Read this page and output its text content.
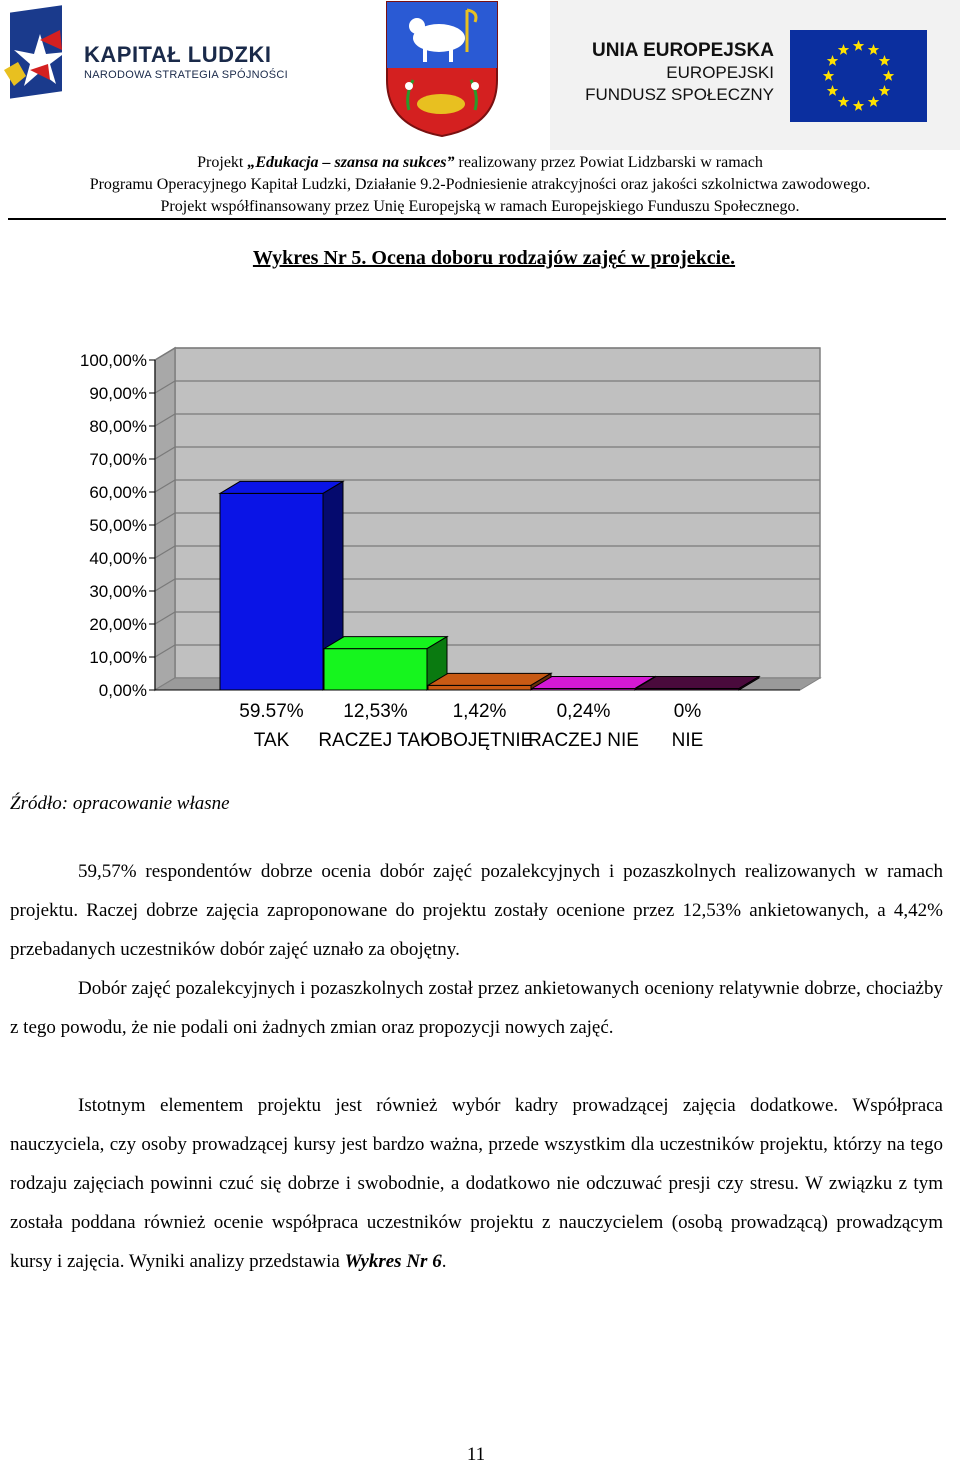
KAPITAŁ LUDZKI
NARODOWA STRATEGIA SPÓJNOŚCI
UNIA EUROPEJSKA
EUROPEJSKI
FUNDUSZ SPOŁECZNY
Projekt „Edukacja – szansa na sukces” realizowany przez Powiat Lidzbarski w ramach
Programu Operacyjnego Kapitał Ludzki, Działanie 9.2-Podniesienie atrakcyjności oraz jakości szkolnictwa zawodowego.
Projekt współfinansowany przez Unię Europejską w ramach Europejskiego Funduszu Społecznego.
Wykres Nr 5. Ocena doboru rodzajów zajęć w projekcie.
0,00%
10,00%
20,00%
30,00%
40,00%
50,00%
60,00%
70,00%
80,00%
90,00%
100,00%
59.57%
TAK
12,53%
RACZEJ TAK
1,42%
OBOJĘTNIE
0,24%
RACZEJ NIE
0%
NIE
Źródło: opracowanie własne

59,57% respondentów dobrze ocenia dobór zajęć pozalekcyjnych i pozaszkolnych realizowanych w ramach projektu. Raczej dobrze zajęcia zaproponowane do projektu zostały ocenione przez 12,53% ankietowanych, a 4,42% przebadanych uczestników dobór zajęć uznało za obojętny.

Dobór zajęć pozalekcyjnych i pozaszkolnych został przez ankietowanych oceniony relatywnie dobrze, chociażby z tego powodu, że nie podali oni żadnych zmian oraz propozycji nowych zajęć.

Istotnym elementem projektu jest również wybór kadry prowadzącej zajęcia dodatkowe. Współpraca nauczyciela, czy osoby prowadzącej kursy jest bardzo ważna, przede wszystkim dla uczestników projektu, którzy na tego rodzaju zajęciach powinni czuć się dobrze i swobodnie, a dodatkowo nie odczuwać presji czy stresu. W związku z tym została poddana również ocenie współpraca uczestników projektu z nauczycielem (osobą prowadzącą) prowadzącym kursy i zajęcia. Wyniki analizy przedstawia Wykres Nr 6.

11
